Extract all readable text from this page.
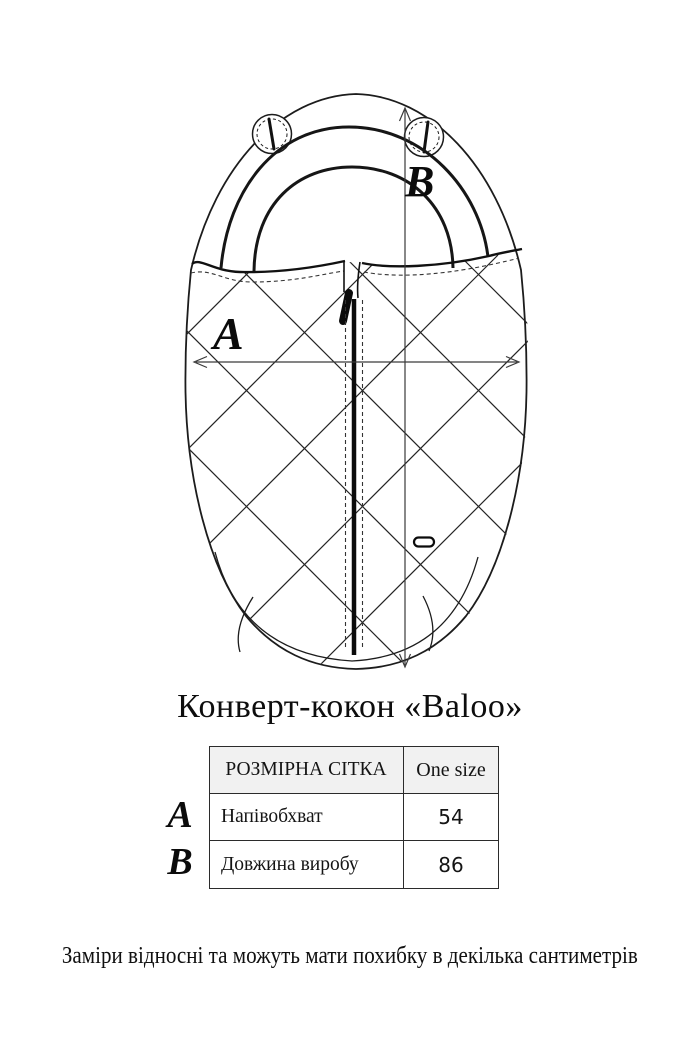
A
B
Конверт-кокон «Baloo»
РОЗМІРНА СІТКА	One size
Напівобхват	54
Довжина виробу	86
A
B
Заміри відносні та можуть мати похибку в декілька сантиметрів
